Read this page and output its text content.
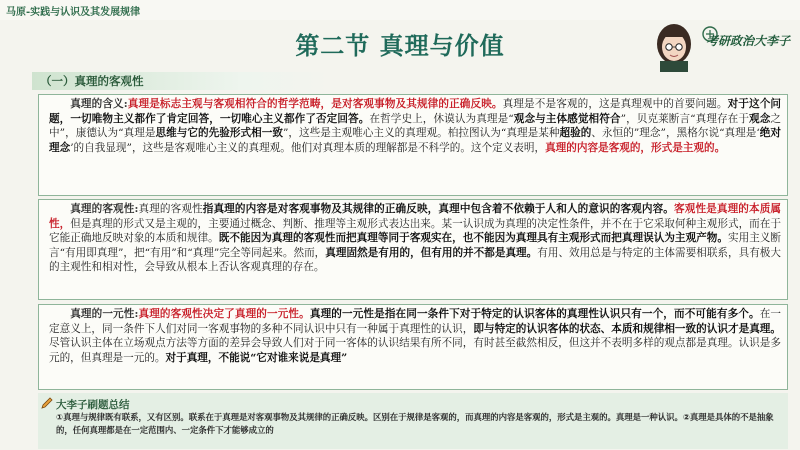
马原-实践与认识及其发展规律
第二节 真理与价值	考研政治大李子
（一）真理的客观性
真理的含义:真理是标志主观与客观相符合的哲学范畴，是对客观事物及其规律的正确反映。真理是不是客观的，这是真理观中的首要问题。对于这个问题，一切唯物主义都作了肯定回答，一切唯心主义都作了否定回答。在哲学史上，休谟认为真理是“观念与主体感觉相符合”，贝克莱断言“真理存在于观念之中”，康德认为“真理是思维与它的先验形式相一致”，这些是主观唯心主义的真理观。柏拉图认为“真理是某种超验的、永恒的”理念”，黑格尔说“真理是‘绝对理念’的自我显现”，这些是客观唯心主义的真理观。他们对真理本质的理解都是不科学的。这个定义表明，真理的内容是客观的，形式是主观的。
真理的客观性:真理的客观性指真理的内容是对客观事物及其规律的正确反映，真理中包含着不依赖于人和人的意识的客观内容。客观性是真理的本质属性，但是真理的形式又是主观的，主要通过概念、判断、推理等主观形式表达出来。某一认识成为真理的决定性条件，并不在于它采取何种主观形式，而在于它能正确地反映对象的本质和规律。既不能因为真理的客观性而把真理等同于客观实在，也不能因为真理具有主观形式而把真理误认为主观产物。实用主义断言“有用即真理”，把“有用”和“真理”完全等同起来。然而，真理固然是有用的，但有用的并不都是真理。有用、效用总是与特定的主体需要相联系，具有极大的主观性和相对性，会导致从根本上否认客观真理的存在。
真理的一元性:真理的客观性决定了真理的一元性。真理的一元性是指在同一条件下对于特定的认识客体的真理性认识只有一个，而不可能有多个。在一定意义上，同一条件下人们对同一客观事物的多种不同认识中只有一种属于真理性的认识，即与特定的认识客体的状态、本质和规律相一致的认识才是真理。尽管认识主体在立场观点方法等方面的差异会导致人们对于同一客体的认识结果有所不同，有时甚至截然相反，但这并不表明多样的观点都是真理。认识是多元的，但真理是一元的。对于真理，不能说“它对谁来说是真理”
大李子刷题总结
①真理与规律既有联系，又有区别。联系在于真理是对客观事物及其规律的正确反映。区别在于规律是客观的，而真理的内容是客观的，形式是主观的。真理是一种认识。②真理是具体的不是抽象的，任何真理都是在一定范围内、一定条件下才能够成立的
